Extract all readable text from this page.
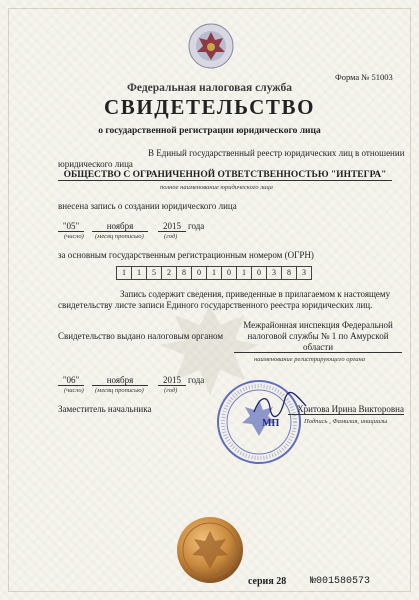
Форма № 51003
Федеральная налоговая служба
СВИДЕТЕЛЬСТВО
о государственной регистрации юридического лица
В Единый государственный реестр юридических лиц в отношении
юридического лица
ОБЩЕСТВО С ОГРАНИЧЕННОЙ ОТВЕТСТВЕННОСТЬЮ "ИНТЕГРА"
полное наименование юридического лица
внесена запись о создании юридического лица
"05"	ноября	2015 года
(число) (месяц прописью)	(год)
за основным государственным регистрационным номером (ОГРН)
1	1	5	2	8	0	1	0	1	0	3	8	3
Запись содержит сведения, приведенные в прилагаемом к настоящему
свидетельству листе записи Единого государственного реестра юридических лиц.
Свидетельство выдано налоговым органом
Межрайонная инспекция Федеральной
налоговой службы № 1 по Амурской
области
наименование регистрирующего органа
"06"	ноября	2015 года
(число) (месяц прописью)	(год)
Заместитель начальника
МП
Хритова Ирина Викторовна
Подпись , Фамилия, инициалы
серия 28 №001580573
